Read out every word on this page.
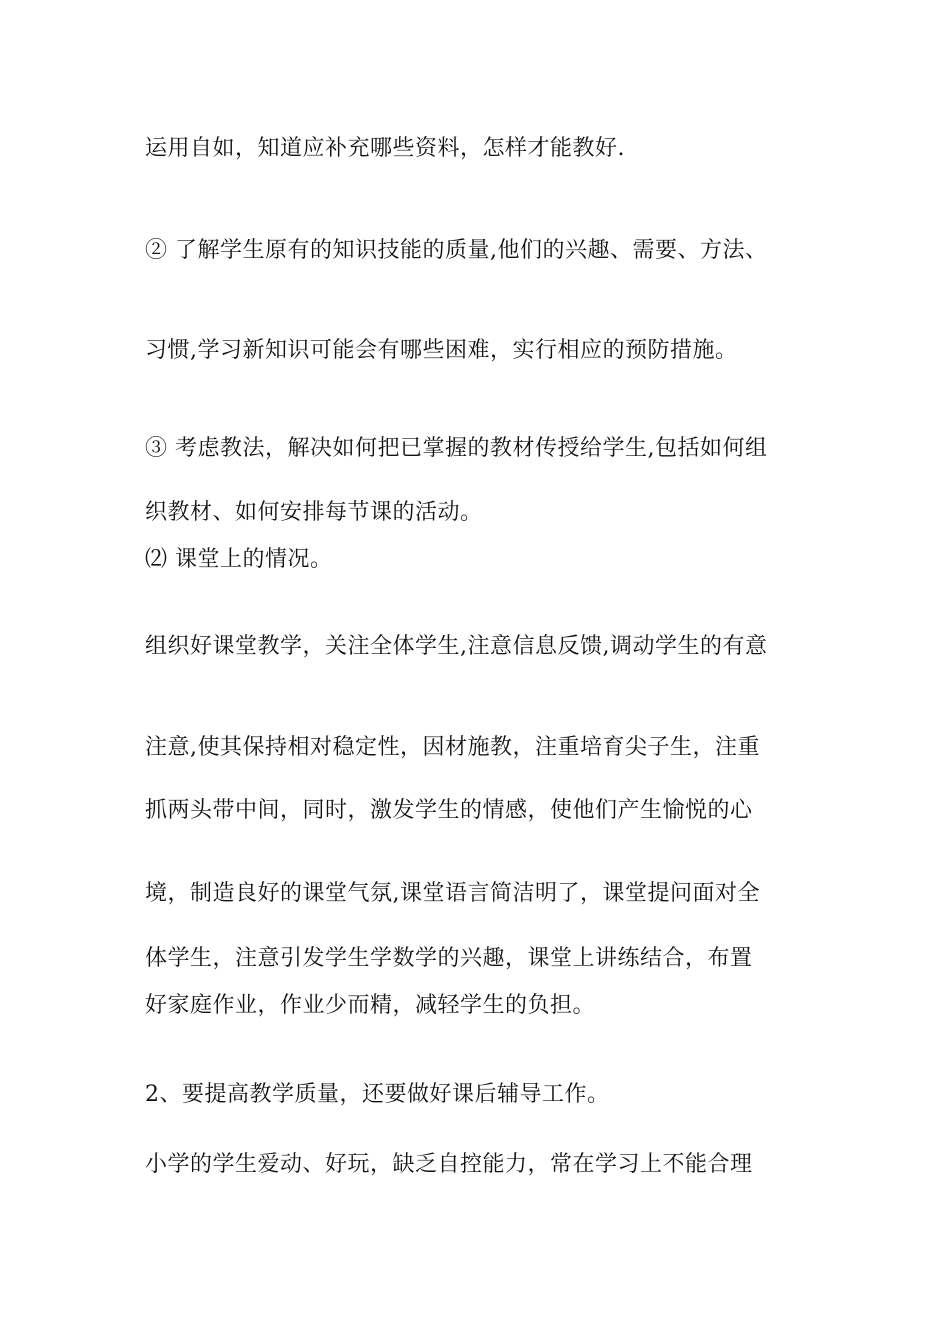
运用自如，知道应补充哪些资料，怎样才能教好.
② 了解学生原有的知识技能的质量,他们的兴趣、需要、方法、
习惯,学习新知识可能会有哪些困难，实行相应的预防措施。
③ 考虑教法，解决如何把已掌握的教材传授给学生,包括如何组
织教材、如何安排每节课的活动。
⑵ 课堂上的情况。
组织好课堂教学，关注全体学生,注意信息反馈,调动学生的有意
注意,使其保持相对稳定性，因材施教，注重培育尖子生，注重
抓两头带中间，同时，激发学生的情感，使他们产生愉悦的心
境，制造良好的课堂气氛,课堂语言简洁明了，课堂提问面对全
体学生，注意引发学生学数学的兴趣，课堂上讲练结合，布置
好家庭作业，作业少而精，减轻学生的负担。
2、要提高教学质量，还要做好课后辅导工作。
小学的学生爱动、好玩，缺乏自控能力，常在学习上不能合理
